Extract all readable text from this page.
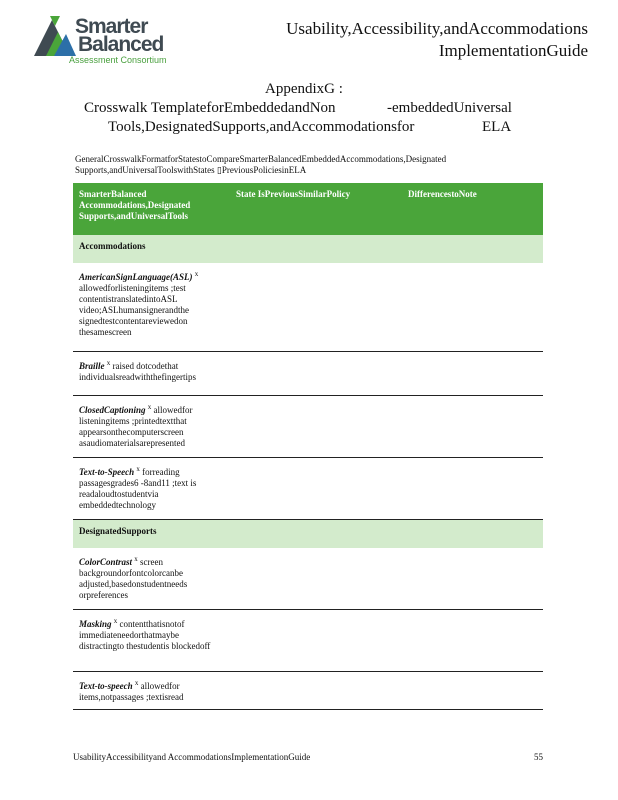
Smarter
Balanced
Assessment Consortium
Usability,Accessibility,andAccommodations
ImplementationGuide
AppendixG :
Crosswalk TemplateforEmbeddedandNon	-embeddedUniversal
Tools,DesignatedSupports,andAccommodationsfor	ELA
GeneralCrosswalkFormatforStatestoCompareSmarterBalancedEmbeddedAccommodations,Designated Supports,andUniversalToolswithStates ▯PreviousPoliciesinELA
SmarterBalanced Accommodations,Designated Supports,andUniversalTools	State IsPreviousSimilarPolicy	DifferencestoNote
Accommodations		
AmericanSignLanguage(ASL) $^x$
allowedforlisteningitems ;test contentistranslatedintoASL video;ASLhumansignerandthe signedtestcontentareviewedon thesamescreen		
Braille $^x$ raised dotcodethat individualsreadwiththefingertips		
ClosedCaptioning $^x$ allowedfor listeningitems ;printedtextthat appearsonthecomputerscreen asaudiomaterialsarepresented		
Text-to-Speech $^x$ forreading passagesgrades6 -8and11 ;text is readaloudtostudentvia embeddedtechnology		
DesignatedSupports		
ColorContrast $^x$ screen backgroundorfontcolorcanbe adjusted,basedonstudentneeds orpreferences		
Masking $^x$ contentthatisnotof immediateneedorthatmaybe distractingto thestudentis blockedoff		
Text-to-speech $^x$ allowedfor items,notpassages ;textisread		
UsabilityAccessibilityand AccommodationsImplementationGuide	55
